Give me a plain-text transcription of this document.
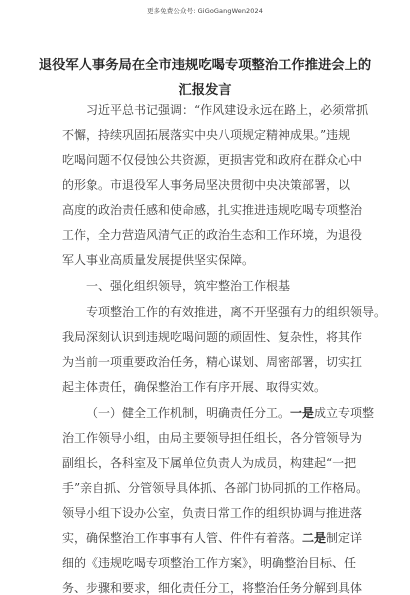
更多免费公众号: GiGoGangWen2024
退役军人事务局在全市违规吃喝专项整治工作推进会上的
汇报发言
习近平总书记强调：“作风建设永远在路上，必须常抓
不懈，持续巩固拓展落实中央八项规定精神成果。”违规
吃喝问题不仅侵蚀公共资源，更损害党和政府在群众心中
的形象。市退役军人事务局坚决贯彻中央决策部署，以
高度的政治责任感和使命感，扎实推进违规吃喝专项整治
工作，全力营造风清气正的政治生态和工作环境，为退役
军人事业高质量发展提供坚实保障。
一、强化组织领导，筑牢整治工作根基
专项整治工作的有效推进，离不开坚强有力的组织领导。
我局深刻认识到违规吃喝问题的顽固性、复杂性，将其作
为当前一项重要政治任务，精心谋划、周密部署，切实扛
起主体责任，确保整治工作有序开展、取得实效。
（一）健全工作机制，明确责任分工。一是成立专项整
治工作领导小组，由局主要领导担任组长，各分管领导为
副组长，各科室及下属单位负责人为成员，构建起“一把
手”亲自抓、分管领导具体抓、各部门协同抓的工作格局。
领导小组下设办公室，负责日常工作的组织协调与推进落
实，确保整治工作事事有人管、件件有着落。二是制定详
细的《违规吃喝专项整治工作方案》，明确整治目标、任
务、步骤和要求，细化责任分工，将整治任务分解到具体
